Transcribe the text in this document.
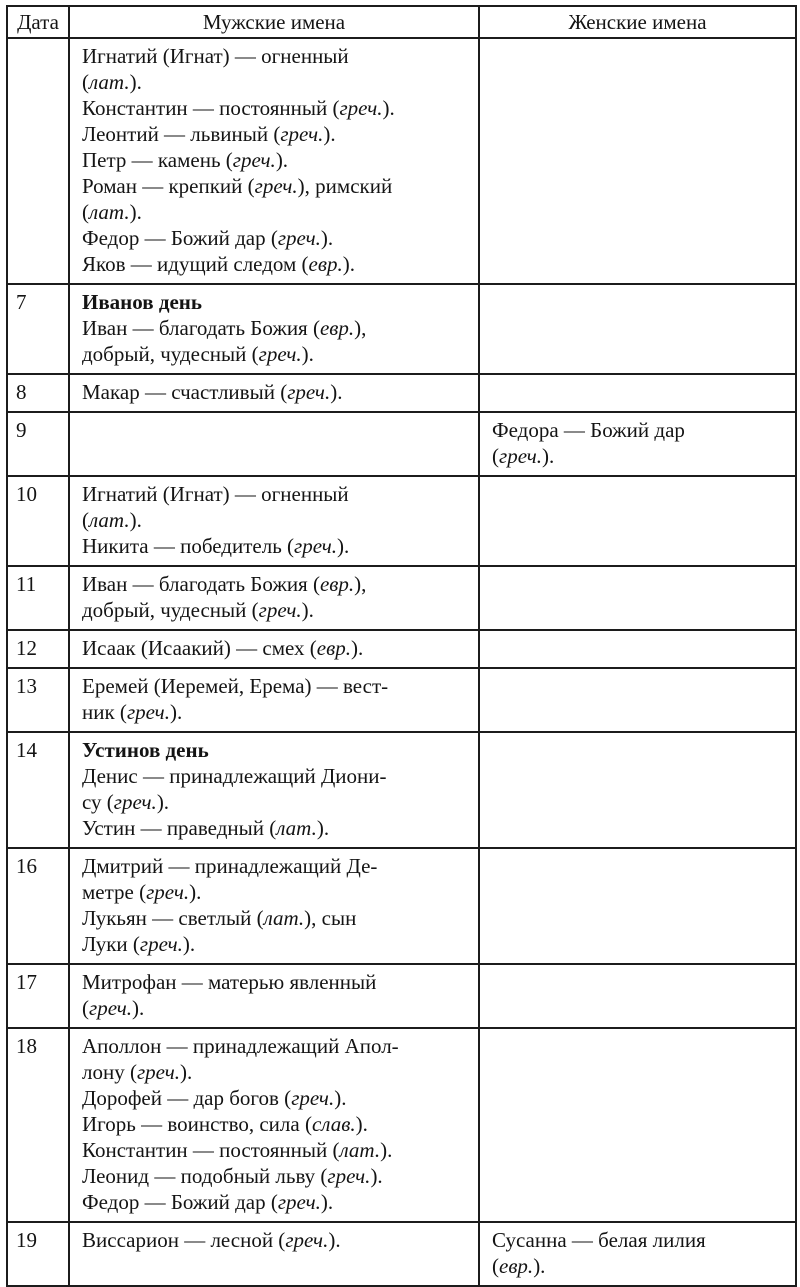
Дата	Мужские имена	Женские имена

Игнатий (Игнат) — огненный
(лат.).
Константин — постоянный (греч.).
Леонтий — львиный (греч.).
Петр — камень (греч.).
Роман — крепкий (греч.), римский
(лат.).
Федор — Божий дар (греч.).
Яков — идущий следом (евр.).

7	Иванов день
Иван — благодать Божия (евр.),
добрый, чудесный (греч.).	

8	Макар — счастливый (греч.).	

9		Федора — Божий дар
(греч.).

10	Игнатий (Игнат) — огненный
(лат.).
Никита — победитель (греч.).	

11	Иван — благодать Божия (евр.),
добрый, чудесный (греч.).	

12	Исаак (Исаакий) — смех (евр.).	

13	Еремей (Иеремей, Ерема) — вест-
ник (греч.).	

14	Устинов день
Денис — принадлежащий Диони-
су (греч.).
Устин — праведный (лат.).	

16	Дмитрий — принадлежащий Де-
метре (греч.).
Лукьян — светлый (лат.), сын
Луки (греч.).	

17	Митрофан — матерью явленный
(греч.).	

18	Аполлон — принадлежащий Апол-
лону (греч.).
Дорофей — дар богов (греч.).
Игорь — воинство, сила (слав.).
Константин — постоянный (лат.).
Леонид — подобный льву (греч.).
Федор — Божий дар (греч.).

19	Виссарион — лесной (греч.).	Сусанна — белая лилия
(евр.).
